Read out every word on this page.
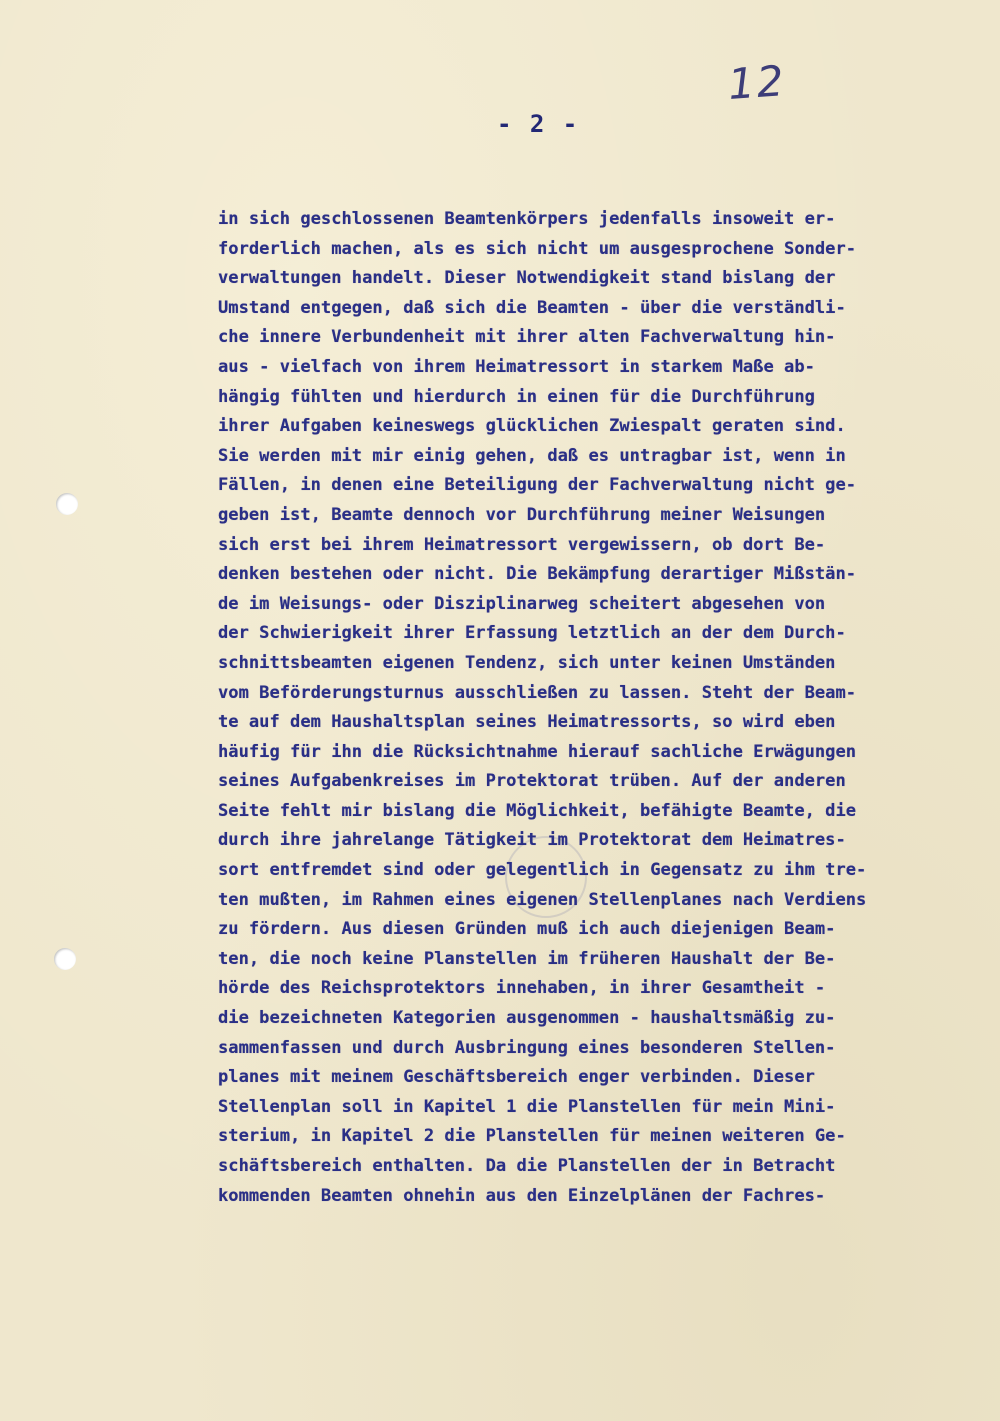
12
- 2 -
in sich geschlossenen Beamtenkörpers jedenfalls insoweit er-
forderlich machen, als es sich nicht um ausgesprochene Sonder-
verwaltungen handelt. Dieser Notwendigkeit stand bislang der
Umstand entgegen, daß sich die Beamten - über die verständli-
che innere Verbundenheit mit ihrer alten Fachverwaltung hin-
aus - vielfach von ihrem Heimatressort in starkem Maße ab-
hängig fühlten und hierdurch in einen für die Durchführung
ihrer Aufgaben keineswegs glücklichen Zwiespalt geraten sind.
Sie werden mit mir einig gehen, daß es untragbar ist, wenn in
Fällen, in denen eine Beteiligung der Fachverwaltung nicht ge-
geben ist, Beamte dennoch vor Durchführung meiner Weisungen
sich erst bei ihrem Heimatressort vergewissern, ob dort Be-
denken bestehen oder nicht. Die Bekämpfung derartiger Mißstän-
de im Weisungs- oder Disziplinarweg scheitert abgesehen von
der Schwierigkeit ihrer Erfassung letztlich an der dem Durch-
schnittsbeamten eigenen Tendenz, sich unter keinen Umständen
vom Beförderungsturnus ausschließen zu lassen. Steht der Beam-
te auf dem Haushaltsplan seines Heimatressorts, so wird eben
häufig für ihn die Rücksichtnahme hierauf sachliche Erwägungen
seines Aufgabenkreises im Protektorat trüben. Auf der anderen
Seite fehlt mir bislang die Möglichkeit, befähigte Beamte, die
durch ihre jahrelange Tätigkeit im Protektorat dem Heimatres-
sort entfremdet sind oder gelegentlich in Gegensatz zu ihm tre-
ten mußten, im Rahmen eines eigenen Stellenplanes nach Verdiens
zu fördern. Aus diesen Gründen muß ich auch diejenigen Beam-
ten, die noch keine Planstellen im früheren Haushalt der Be-
hörde des Reichsprotektors innehaben, in ihrer Gesamtheit -
die bezeichneten Kategorien ausgenommen - haushaltsmäßig zu-
sammenfassen und durch Ausbringung eines besonderen Stellen-
planes mit meinem Geschäftsbereich enger verbinden. Dieser
Stellenplan soll in Kapitel 1 die Planstellen für mein Mini-
sterium, in Kapitel 2 die Planstellen für meinen weiteren Ge-
schäftsbereich enthalten. Da die Planstellen der in Betracht
kommenden Beamten ohnehin aus den Einzelplänen der Fachres-
